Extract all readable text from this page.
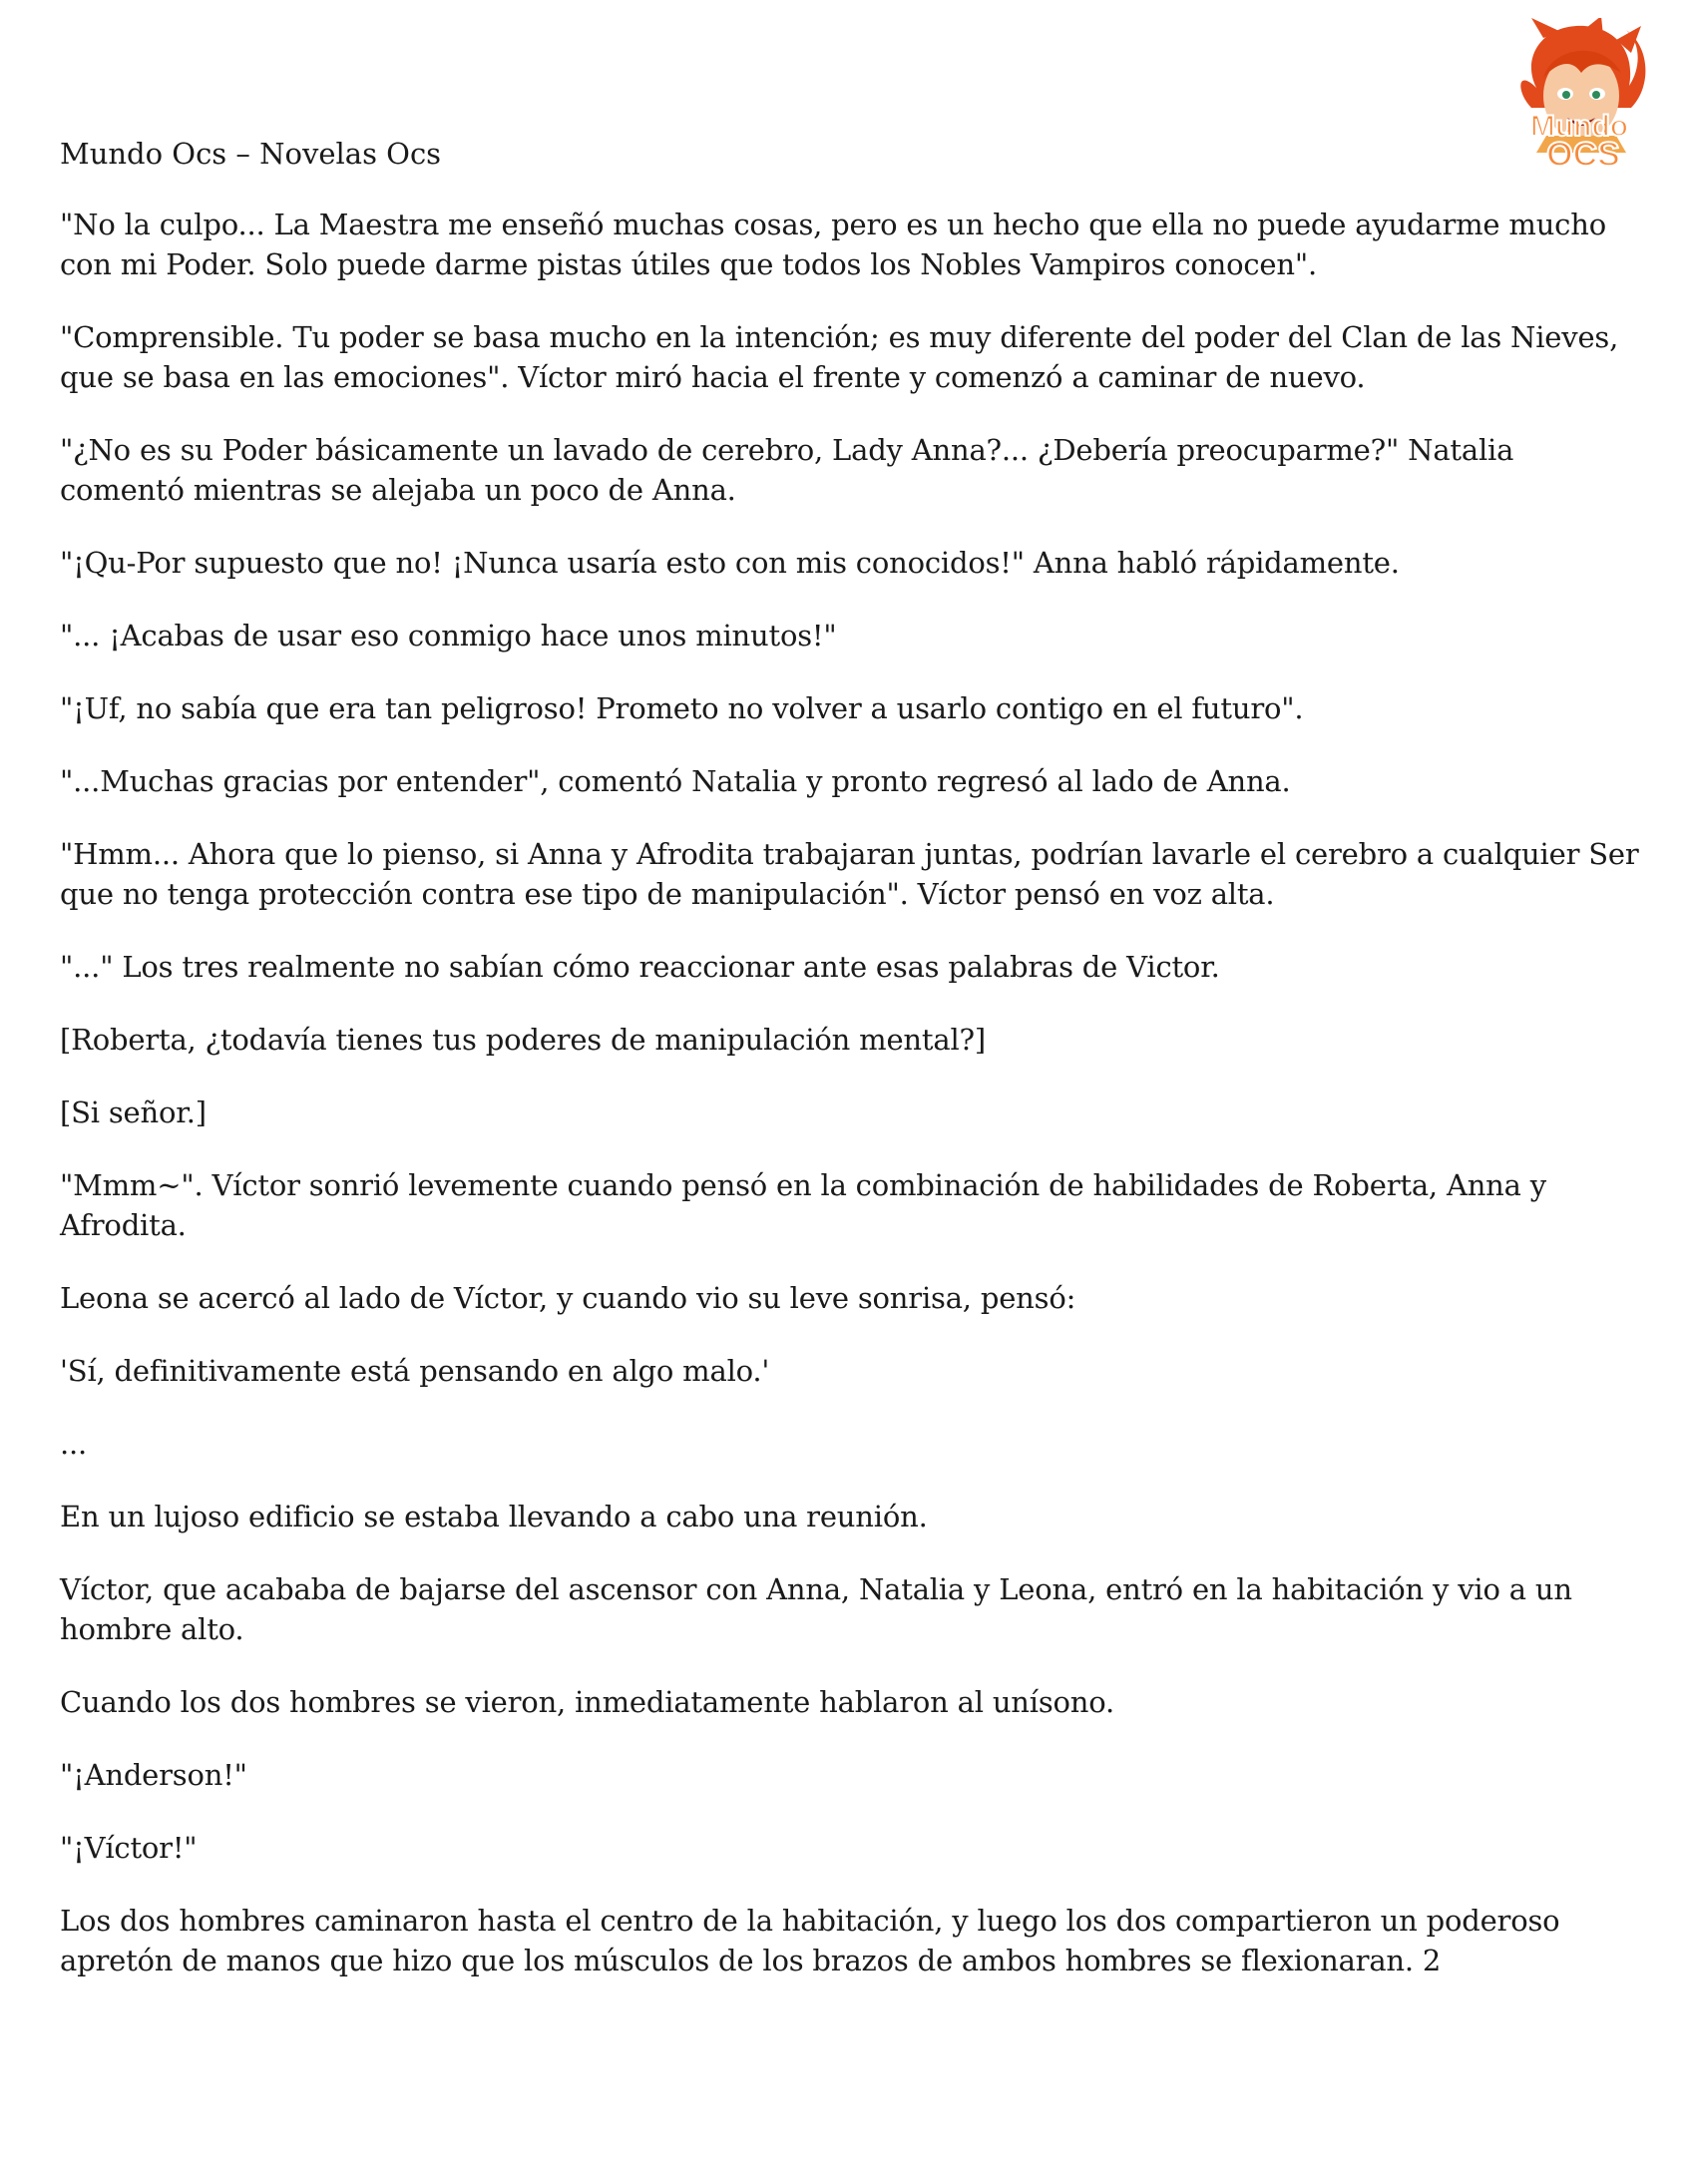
Mundo Ocs – Novelas Ocs
Mundo
OCS

"No la culpo... La Maestra me enseñó muchas cosas, pero es un hecho que ella no puede ayudarme mucho con mi Poder. Solo puede darme pistas útiles que todos los Nobles Vampiros conocen".

"Comprensible. Tu poder se basa mucho en la intención; es muy diferente del poder del Clan de las Nieves, que se basa en las emociones". Víctor miró hacia el frente y comenzó a caminar de nuevo.

"¿No es su Poder básicamente un lavado de cerebro, Lady Anna?... ¿Debería preocuparme?" Natalia comentó mientras se alejaba un poco de Anna.

"¡Qu-Por supuesto que no! ¡Nunca usaría esto con mis conocidos!" Anna habló rápidamente.

"... ¡Acabas de usar eso conmigo hace unos minutos!"

"¡Uf, no sabía que era tan peligroso! Prometo no volver a usarlo contigo en el futuro".

"...Muchas gracias por entender", comentó Natalia y pronto regresó al lado de Anna.

"Hmm... Ahora que lo pienso, si Anna y Afrodita trabajaran juntas, podrían lavarle el cerebro a cualquier Ser que no tenga protección contra ese tipo de manipulación". Víctor pensó en voz alta.

"..." Los tres realmente no sabían cómo reaccionar ante esas palabras de Victor.

[Roberta, ¿todavía tienes tus poderes de manipulación mental?]

[Si señor.]

"Mmm~". Víctor sonrió levemente cuando pensó en la combinación de habilidades de Roberta, Anna y Afrodita.

Leona se acercó al lado de Víctor, y cuando vio su leve sonrisa, pensó:

'Sí, definitivamente está pensando en algo malo.'

...

En un lujoso edificio se estaba llevando a cabo una reunión.

Víctor, que acababa de bajarse del ascensor con Anna, Natalia y Leona, entró en la habitación y vio a un hombre alto.

Cuando los dos hombres se vieron, inmediatamente hablaron al unísono.

"¡Anderson!"

"¡Víctor!"

Los dos hombres caminaron hasta el centro de la habitación, y luego los dos compartieron un poderoso apretón de manos que hizo que los músculos de los brazos de ambos hombres se flexionaran. 2
